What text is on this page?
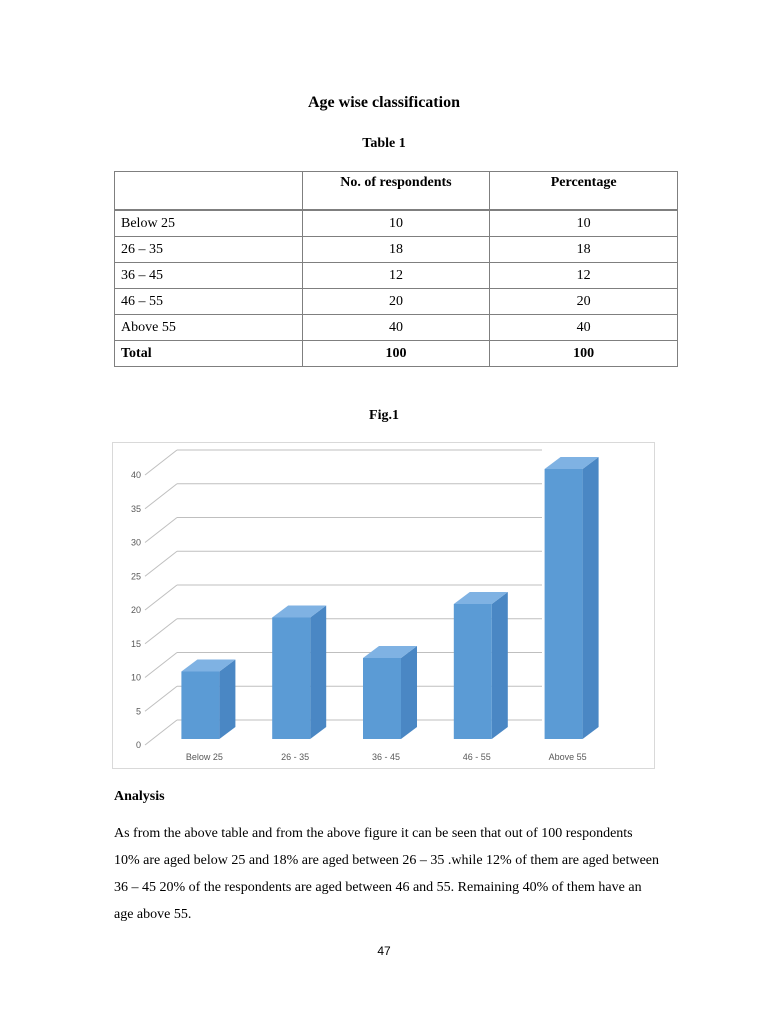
Age wise classification
Table 1
	No. of respondents	Percentage
Below 25	10	10
26 – 35	18	18
36 – 45	12	12
46 – 55	20	20
Above 55	40	40
Total	100	100
Fig.1
0
5
10
15
20
25
30
35
40
Below 25	26 - 35	36 - 45	46 - 55	Above 55
Analysis

As from the above table and from the above figure it can be seen that out of 100 respondents 10% are aged below 25 and 18% are aged between 26 – 35 .while 12% of them are aged between 36 – 45 20% of the respondents are aged between 46 and 55. Remaining 40% of them have an age above 55.

47
